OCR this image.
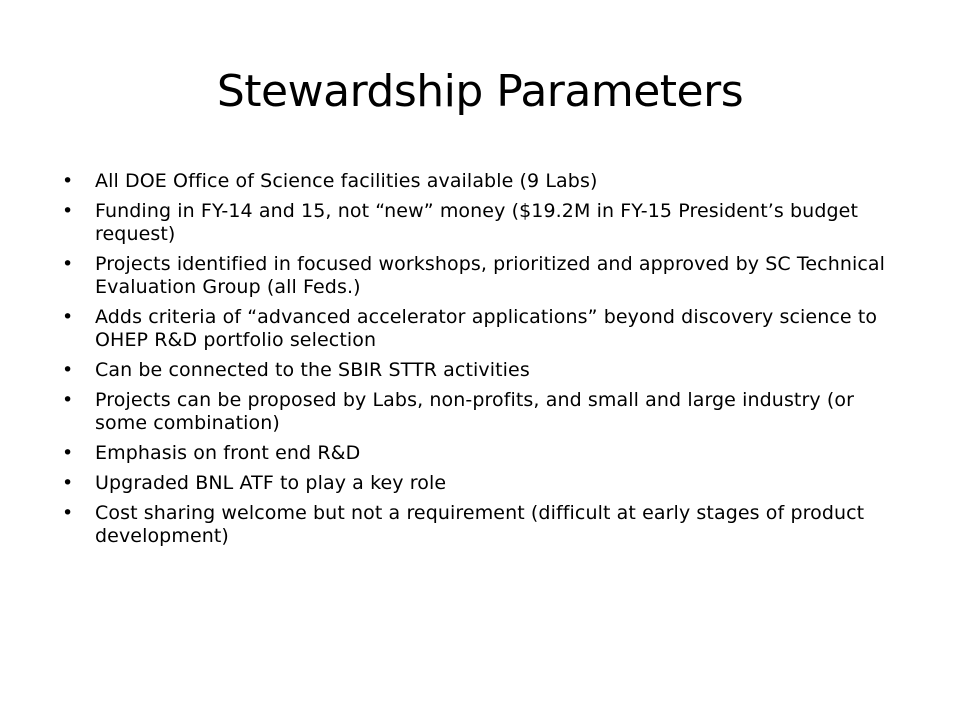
Stewardship Parameters
• All DOE Office of Science facilities available (9 Labs)
• Funding in FY-14 and 15, not “new” money ($19.2M in FY-15 President’s budget request)
• Projects identified in focused workshops, prioritized and approved by SC Technical Evaluation Group (all Feds.)
• Adds criteria of “advanced accelerator applications” beyond discovery science to OHEP R&D portfolio selection
• Can be connected to the SBIR STTR activities
• Projects can be proposed by Labs, non-profits, and small and large industry (or some combination)
• Emphasis on front end R&D
• Upgraded BNL ATF to play a key role
• Cost sharing welcome but not a requirement (difficult at early stages of product development)
